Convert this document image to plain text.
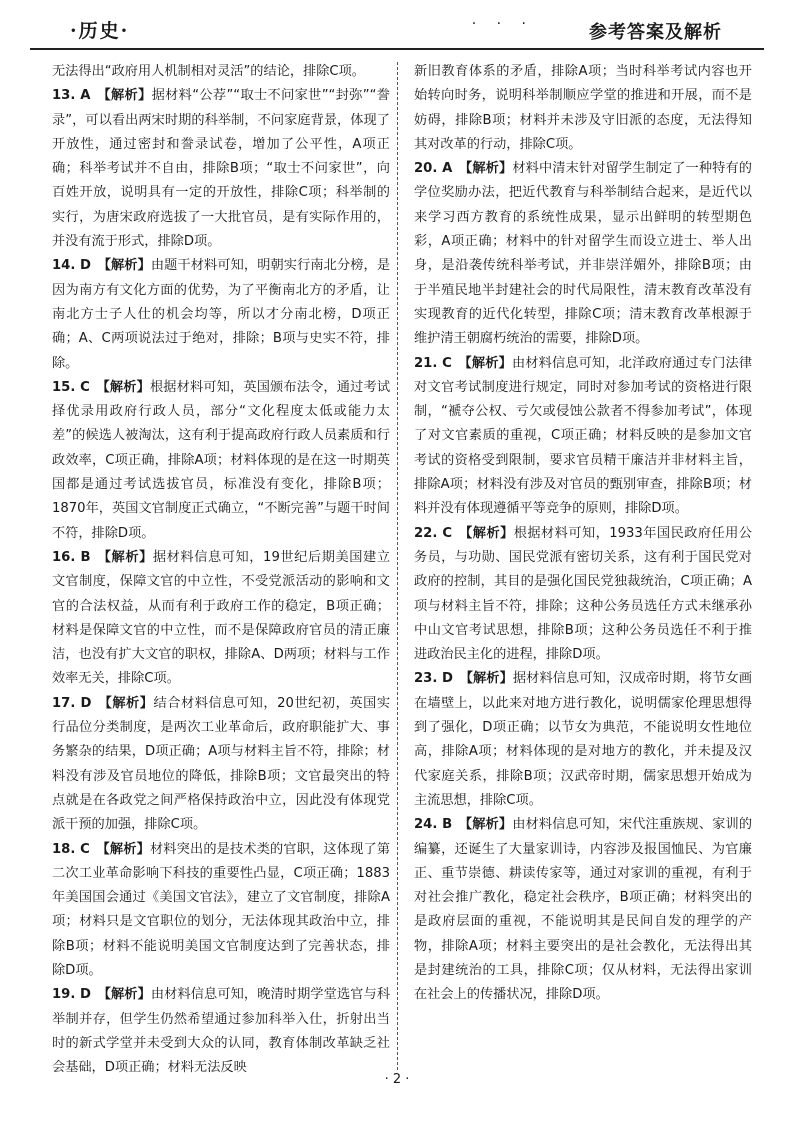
·历史·	· · ·	参考答案及解析

无法得出“政府用人机制相对灵活”的结论，排除C项。

13. A  【解析】据材料“公荐”“取士不问家世”“封弥”“誊录”，可以看出两宋时期的科举制，不问家庭背景，体现了开放性，通过密封和誊录试卷，增加了公平性，A项正确；科举考试并不自由，排除B项；“取士不问家世”，向百姓开放，说明具有一定的开放性，排除C项；科举制的实行，为唐宋政府选拔了一大批官员，是有实际作用的，并没有流于形式，排除D项。

14. D  【解析】由题干材料可知，明朝实行南北分榜，是因为南方有文化方面的优势，为了平衡南北方的矛盾，让南北方士子人仕的机会均等，所以才分南北榜，D项正确；A、C两项说法过于绝对，排除；B项与史实不符，排除。

15. C  【解析】根据材料可知，英国颁布法令，通过考试择优录用政府行政人员，部分“文化程度太低或能力太差”的候选人被淘汰，这有利于提高政府行政人员素质和行政效率，C项正确，排除A项；材料体现的是在这一时期英国都是通过考试选拔官员，标准没有变化，排除B项；1870年，英国文官制度正式确立，“不断完善”与题干时间不符，排除D项。

16. B  【解析】据材料信息可知，19世纪后期美国建立文官制度，保障文官的中立性，不受党派活动的影响和文官的合法权益，从而有利于政府工作的稳定，B项正确；材料是保障文官的中立性，而不是保障政府官员的清正廉洁，也没有扩大文官的职权，排除A、D两项；材料与工作效率无关，排除C项。

17. D  【解析】结合材料信息可知，20世纪初，英国实行品位分类制度，是两次工业革命后，政府职能扩大、事务繁杂的结果，D项正确；A项与材料主旨不符，排除；材料没有涉及官员地位的降低，排除B项；文官最突出的特点就是在各政党之间严格保持政治中立，因此没有体现党派干预的加强，排除C项。

18. C  【解析】材料突出的是技术类的官职，这体现了第二次工业革命影响下科技的重要性凸显，C项正确；1883年美国国会通过《美国文官法》，建立了文官制度，排除A项；材料只是文官职位的划分，无法体现其政治中立，排除B项；材料不能说明美国文官制度达到了完善状态，排除D项。

19. D  【解析】由材料信息可知，晚清时期学堂选官与科举制并存，但学生仍然希望通过参加科举入仕，折射出当时的新式学堂并未受到大众的认同，教育体制改革缺乏社会基础，D项正确；材料无法反映

新旧教育体系的矛盾，排除A项；当时科举考试内容也开始转向时务，说明科举制顺应学堂的推进和开展，而不是妨碍，排除B项；材料并未涉及守旧派的态度，无法得知其对改革的行动，排除C项。

20. A  【解析】材料中清末针对留学生制定了一种特有的学位奖励办法，把近代教育与科举制结合起来，是近代以来学习西方教育的系统性成果，显示出鲜明的转型期色彩，A项正确；材料中的针对留学生而设立进士、举人出身，是沿袭传统科举考试，并非崇洋媚外，排除B项；由于半殖民地半封建社会的时代局限性，清末教育改革没有实现教育的近代化转型，排除C项；清末教育改革根源于维护清王朝腐朽统治的需要，排除D项。

21. C  【解析】由材料信息可知，北洋政府通过专门法律对文官考试制度进行规定，同时对参加考试的资格进行限制，“褫夺公权、亏欠或侵蚀公款者不得参加考试”，体现了对文官素质的重视，C项正确；材料反映的是参加文官考试的资格受到限制，要求官员精干廉洁并非材料主旨，排除A项；材料没有涉及对官员的甄别审查，排除B项；材料并没有体现遵循平等竞争的原则，排除D项。

22. C  【解析】根据材料可知，1933年国民政府任用公务员，与功勋、国民党派有密切关系，这有利于国民党对政府的控制，其目的是强化国民党独裁统治，C项正确；A项与材料主旨不符，排除；这种公务员选任方式未继承孙中山文官考试思想，排除B项；这种公务员选任不利于推进政治民主化的进程，排除D项。

23. D  【解析】据材料信息可知，汉成帝时期，将节女画在墙壁上，以此来对地方进行教化，说明儒家伦理思想得到了强化，D项正确；以节女为典范，不能说明女性地位高，排除A项；材料体现的是对地方的教化，并未提及汉代家庭关系，排除B项；汉武帝时期，儒家思想开始成为主流思想，排除C项。

24. B  【解析】由材料信息可知，宋代注重族规、家训的编纂，还诞生了大量家训诗，内容涉及报国恤民、为官廉正、重节崇德、耕读传家等，通过对家训的重视，有利于对社会推广教化，稳定社会秩序，B项正确；材料突出的是政府层面的重视，不能说明其是民间自发的理学的产物，排除A项；材料主要突出的是社会教化，无法得出其是封建统治的工具，排除C项；仅从材料，无法得出家训在社会上的传播状况，排除D项。

· 2 ·
